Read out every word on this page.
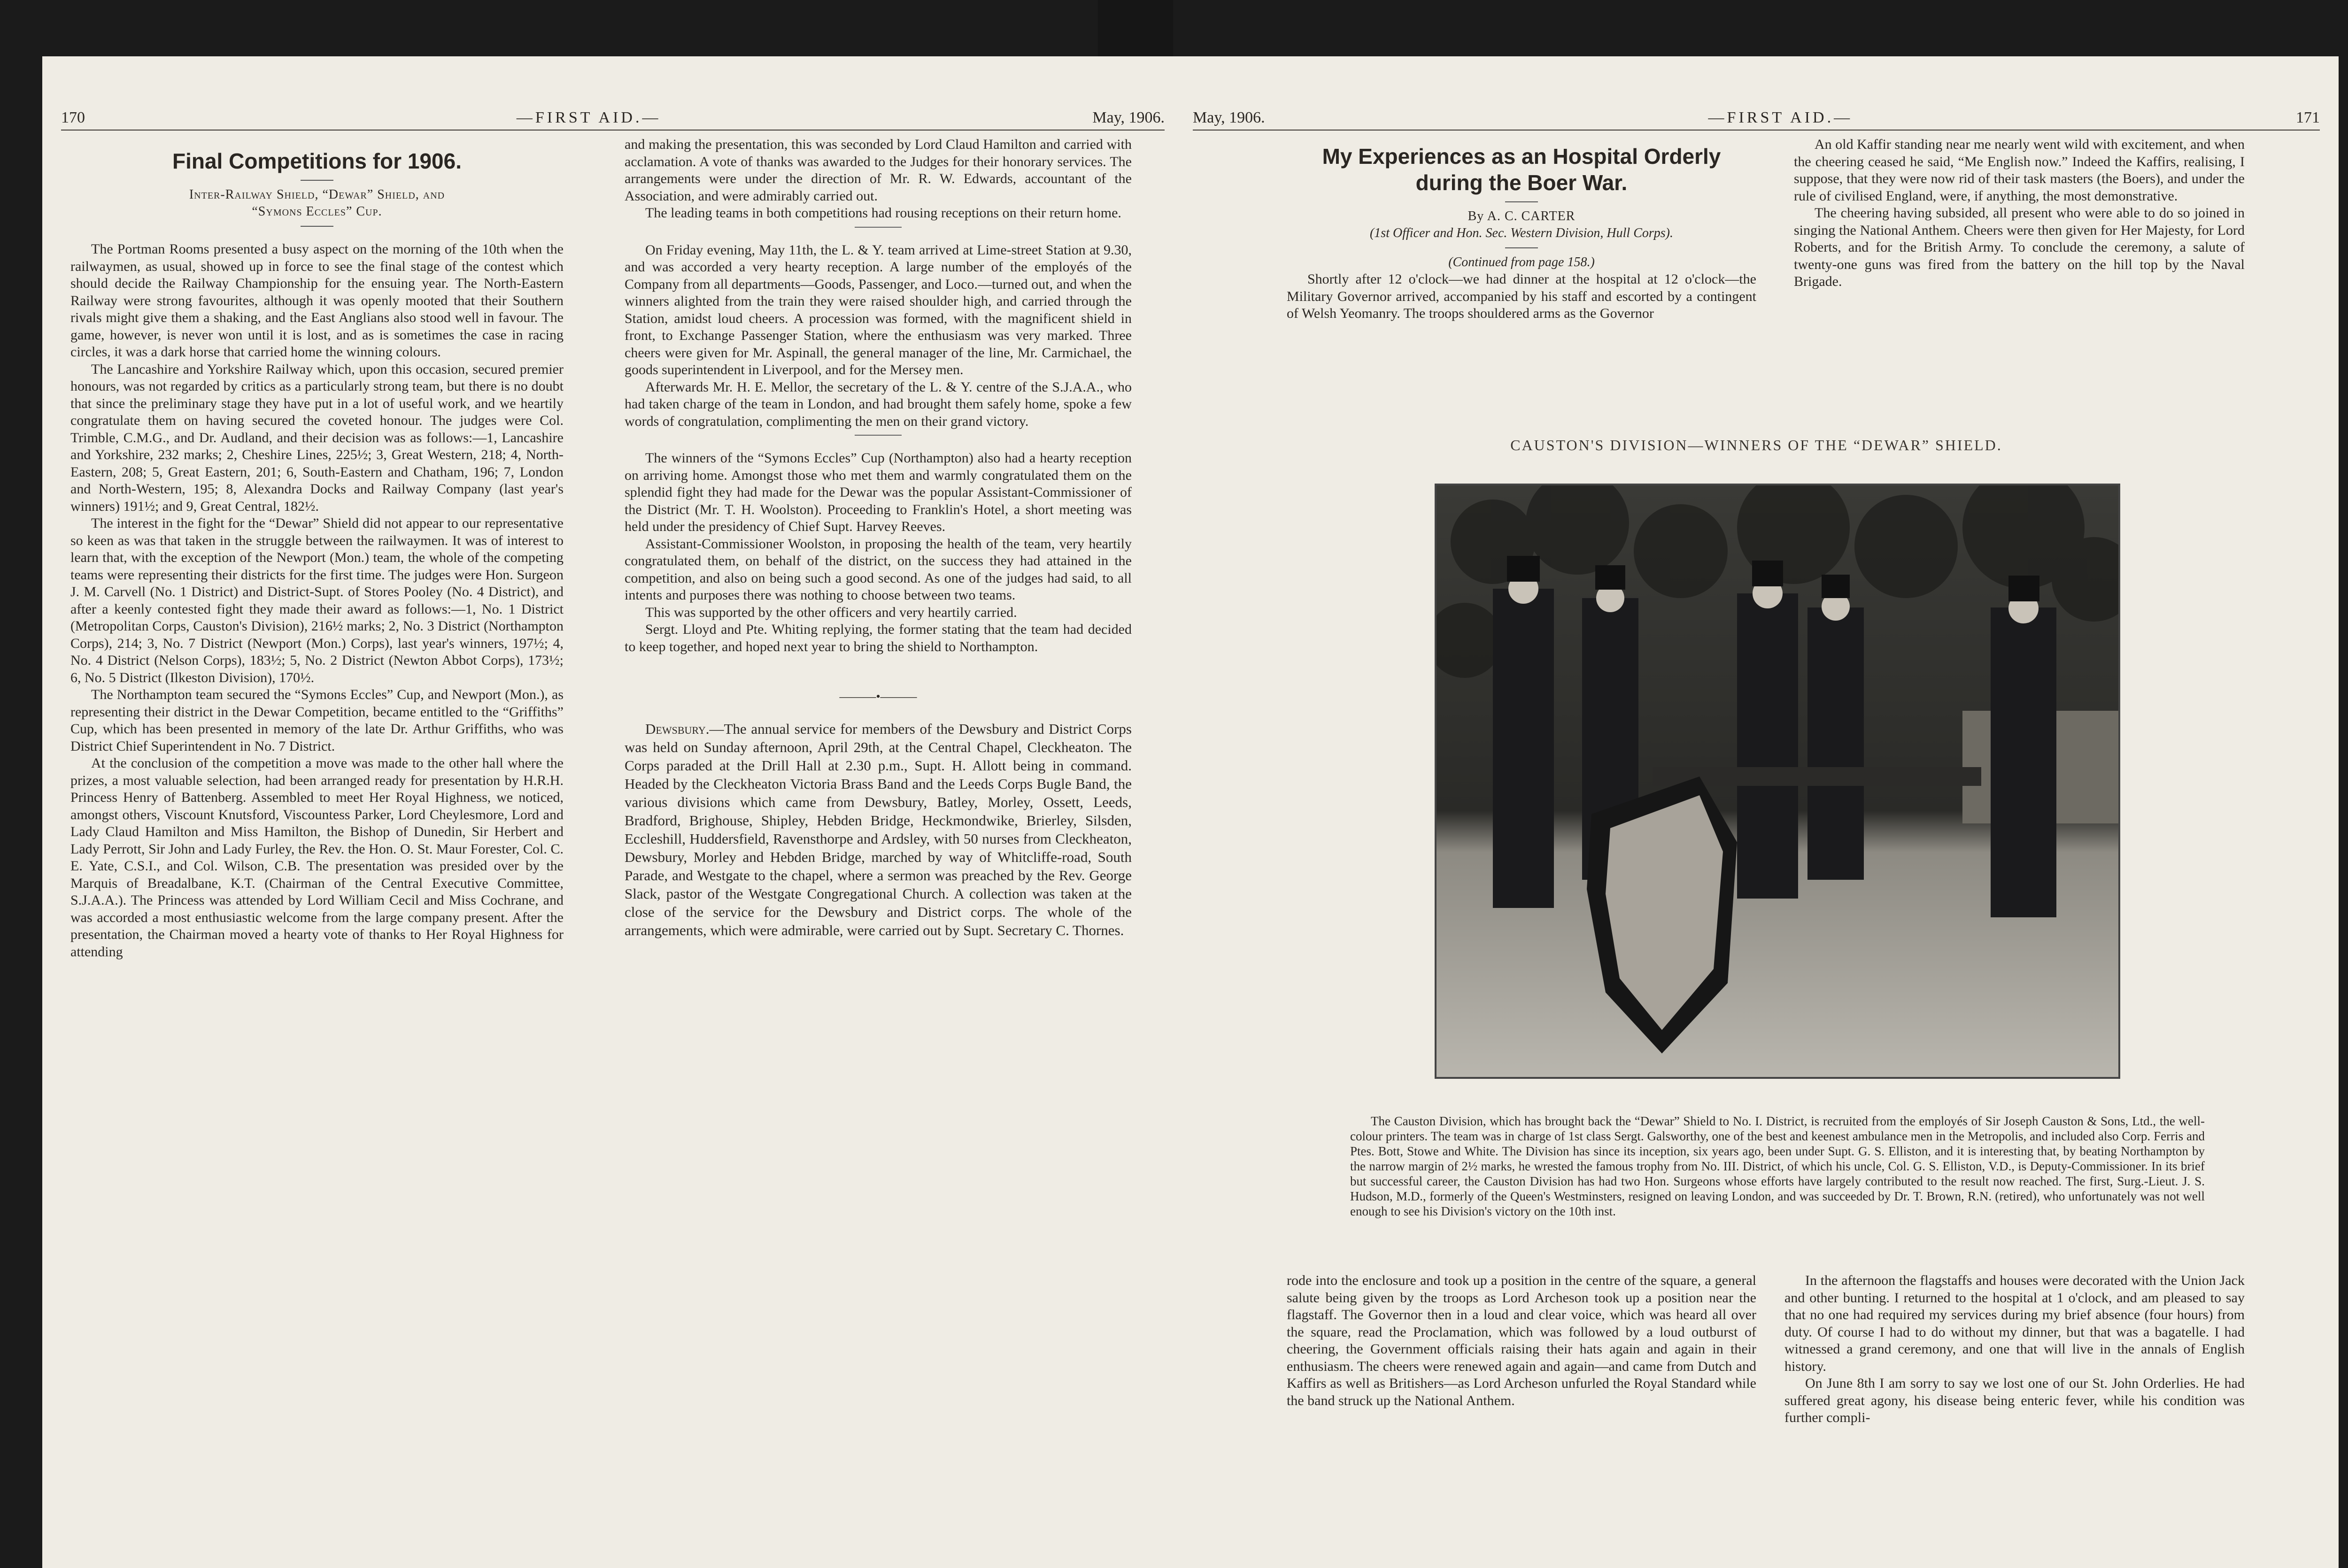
170	—FIRST AID.—	May, 1906.

Final Competitions for 1906.

Inter-Railway Shield, “Dewar” Shield, and

“Symons Eccles” Cup.

The Portman Rooms presented a busy aspect on the morning of the 10th when the railwaymen, as usual, showed up in force to see the final stage of the contest which should decide the Railway Championship for the ensuing year. The North-Eastern Railway were strong favourites, although it was openly mooted that their Southern rivals might give them a shaking, and the East Anglians also stood well in favour. The game, however, is never won until it is lost, and as is sometimes the case in racing circles, it was a dark horse that carried home the winning colours.

The Lancashire and Yorkshire Railway which, upon this occasion, secured premier honours, was not regarded by critics as a particularly strong team, but there is no doubt that since the preliminary stage they have put in a lot of useful work, and we heartily congratulate them on having secured the coveted honour. The judges were Col. Trimble, C.M.G., and Dr. Audland, and their decision was as follows:—1, Lancashire and Yorkshire, 232 marks; 2, Cheshire Lines, 225½; 3, Great Western, 218; 4, North-Eastern, 208; 5, Great Eastern, 201; 6, South-Eastern and Chatham, 196; 7, London and North-Western, 195; 8, Alexandra Docks and Railway Company (last year's winners) 191½; and 9, Great Central, 182½.

The interest in the fight for the “Dewar” Shield did not appear to our representative so keen as was that taken in the struggle between the railwaymen. It was of interest to learn that, with the exception of the Newport (Mon.) team, the whole of the competing teams were representing their districts for the first time. The judges were Hon. Surgeon J. M. Carvell (No. 1 District) and District-Supt. of Stores Pooley (No. 4 District), and after a keenly contested fight they made their award as follows:—1, No. 1 District (Metropolitan Corps, Causton's Division), 216½ marks; 2, No. 3 District (Northampton Corps), 214; 3, No. 7 District (Newport (Mon.) Corps), last year's winners, 197½; 4, No. 4 District (Nelson Corps), 183½; 5, No. 2 District (Newton Abbot Corps), 173½; 6, No. 5 District (Ilkeston Division), 170½.

The Northampton team secured the “Symons Eccles” Cup, and Newport (Mon.), as representing their district in the Dewar Competition, became entitled to the “Griffiths” Cup, which has been presented in memory of the late Dr. Arthur Griffiths, who was District Chief Superintendent in No. 7 District.

At the conclusion of the competition a move was made to the other hall where the prizes, a most valuable selection, had been arranged ready for presentation by H.R.H. Princess Henry of Battenberg. Assembled to meet Her Royal Highness, we noticed, amongst others, Viscount Knutsford, Viscountess Parker, Lord Cheylesmore, Lord and Lady Claud Hamilton and Miss Hamilton, the Bishop of Dunedin, Sir Herbert and Lady Perrott, Sir John and Lady Furley, the Rev. the Hon. O. St. Maur Forester, Col. C. E. Yate, C.S.I., and Col. Wilson, C.B. The presentation was presided over by the Marquis of Breadalbane, K.T. (Chairman of the Central Executive Committee, S.J.A.A.). The Princess was attended by Lord William Cecil and Miss Cochrane, and was accorded a most enthusiastic welcome from the large company present. After the presentation, the Chairman moved a hearty vote of thanks to Her Royal Highness for attending

and making the presentation, this was seconded by Lord Claud Hamilton and carried with acclamation. A vote of thanks was awarded to the Judges for their honorary services. The arrangements were under the direction of Mr. R. W. Edwards, accountant of the Association, and were admirably carried out.

The leading teams in both competitions had rousing receptions on their return home.

On Friday evening, May 11th, the L. & Y. team arrived at Lime-street Station at 9.30, and was accorded a very hearty reception. A large number of the employés of the Company from all departments—Goods, Passenger, and Loco.—turned out, and when the winners alighted from the train they were raised shoulder high, and carried through the Station, amidst loud cheers. A procession was formed, with the magnificent shield in front, to Exchange Passenger Station, where the enthusiasm was very marked. Three cheers were given for Mr. Aspinall, the general manager of the line, Mr. Carmichael, the goods superintendent in Liverpool, and for the Mersey men.

Afterwards Mr. H. E. Mellor, the secretary of the L. & Y. centre of the S.J.A.A., who had taken charge of the team in London, and had brought them safely home, spoke a few words of congratulation, complimenting the men on their grand victory.

The winners of the “Symons Eccles” Cup (Northampton) also had a hearty reception on arriving home. Amongst those who met them and warmly congratulated them on the splendid fight they had made for the Dewar was the popular Assistant-Commissioner of the District (Mr. T. H. Woolston). Proceeding to Franklin's Hotel, a short meeting was held under the presidency of Chief Supt. Harvey Reeves.

Assistant-Commissioner Woolston, in proposing the health of the team, very heartily congratulated them, on behalf of the district, on the success they had attained in the competition, and also on being such a good second. As one of the judges had said, to all intents and purposes there was nothing to choose between two teams.

This was supported by the other officers and very heartily carried.

Sergt. Lloyd and Pte. Whiting replying, the former stating that the team had decided to keep together, and hoped next year to bring the shield to Northampton.

———•———

Dewsbury.—The annual service for members of the Dewsbury and District Corps was held on Sunday afternoon, April 29th, at the Central Chapel, Cleckheaton. The Corps paraded at the Drill Hall at 2.30 p.m., Supt. H. Allott being in command. Headed by the Cleckheaton Victoria Brass Band and the Leeds Corps Bugle Band, the various divisions which came from Dewsbury, Batley, Morley, Ossett, Leeds, Bradford, Brighouse, Shipley, Hebden Bridge, Heckmondwike, Brierley, Silsden, Eccleshill, Huddersfield, Ravensthorpe and Ardsley, with 50 nurses from Cleckheaton, Dewsbury, Morley and Hebden Bridge, marched by way of Whitcliffe-road, South Parade, and Westgate to the chapel, where a sermon was preached by the Rev. George Slack, pastor of the Westgate Congregational Church. A collection was taken at the close of the service for the Dewsbury and District corps. The whole of the arrangements, which were admirable, were carried out by Supt. Secretary C. Thornes.

May, 1906.	—FIRST AID.—	171

My Experiences as an Hospital Orderly

during the Boer War.

By A. C. CARTER

(1st Officer and Hon. Sec. Western Division, Hull Corps).

(Continued from page 158.)

Shortly after 12 o'clock—we had dinner at the hospital at 12 o'clock—the Military Governor arrived, accompanied by his staff and escorted by a contingent of Welsh Yeomanry. The troops shouldered arms as the Governor

An old Kaffir standing near me nearly went wild with excitement, and when the cheering ceased he said, “Me English now.” Indeed the Kaffirs, realising, I suppose, that they were now rid of their task masters (the Boers), and under the rule of civilised England, were, if anything, the most demonstrative.

The cheering having subsided, all present who were able to do so joined in singing the National Anthem. Cheers were then given for Her Majesty, for Lord Roberts, and for the British Army. To conclude the ceremony, a salute of twenty-one guns was fired from the battery on the hill top by the Naval Brigade.

CAUSTON'S DIVISION—WINNERS OF THE “DEWAR” SHIELD.

The Causton Division, which has brought back the “Dewar” Shield to No. I. District, is recruited from the employés of Sir Joseph Causton & Sons, Ltd., the well-colour printers. The team was in charge of 1st class Sergt. Galsworthy, one of the best and keenest ambulance men in the Metropolis, and included also Corp. Ferris and Ptes. Bott, Stowe and White. The Division has since its inception, six years ago, been under Supt. G. S. Elliston, and it is interesting that, by beating Northampton by the narrow margin of 2½ marks, he wrested the famous trophy from No. III. District, of which his uncle, Col. G. S. Elliston, V.D., is Deputy-Commissioner. In its brief but successful career, the Causton Division has had two Hon. Surgeons whose efforts have largely contributed to the result now reached. The first, Surg.-Lieut. J. S. Hudson, M.D., formerly of the Queen's Westminsters, resigned on leaving London, and was succeeded by Dr. T. Brown, R.N. (retired), who unfortunately was not well enough to see his Division's victory on the 10th inst.

rode into the enclosure and took up a position in the centre of the square, a general salute being given by the troops as Lord Archeson took up a position near the flagstaff. The Governor then in a loud and clear voice, which was heard all over the square, read the Proclamation, which was followed by a loud outburst of cheering, the Government officials raising their hats again and again in their enthusiasm. The cheers were renewed again and again—and came from Dutch and Kaffirs as well as Britishers—as Lord Archeson unfurled the Royal Standard while the band struck up the National Anthem.

In the afternoon the flagstaffs and houses were decorated with the Union Jack and other bunting. I returned to the hospital at 1 o'clock, and am pleased to say that no one had required my services during my brief absence (four hours) from duty. Of course I had to do without my dinner, but that was a bagatelle. I had witnessed a grand ceremony, and one that will live in the annals of English history.

On June 8th I am sorry to say we lost one of our St. John Orderlies. He had suffered great agony, his disease being enteric fever, while his condition was further compli-
